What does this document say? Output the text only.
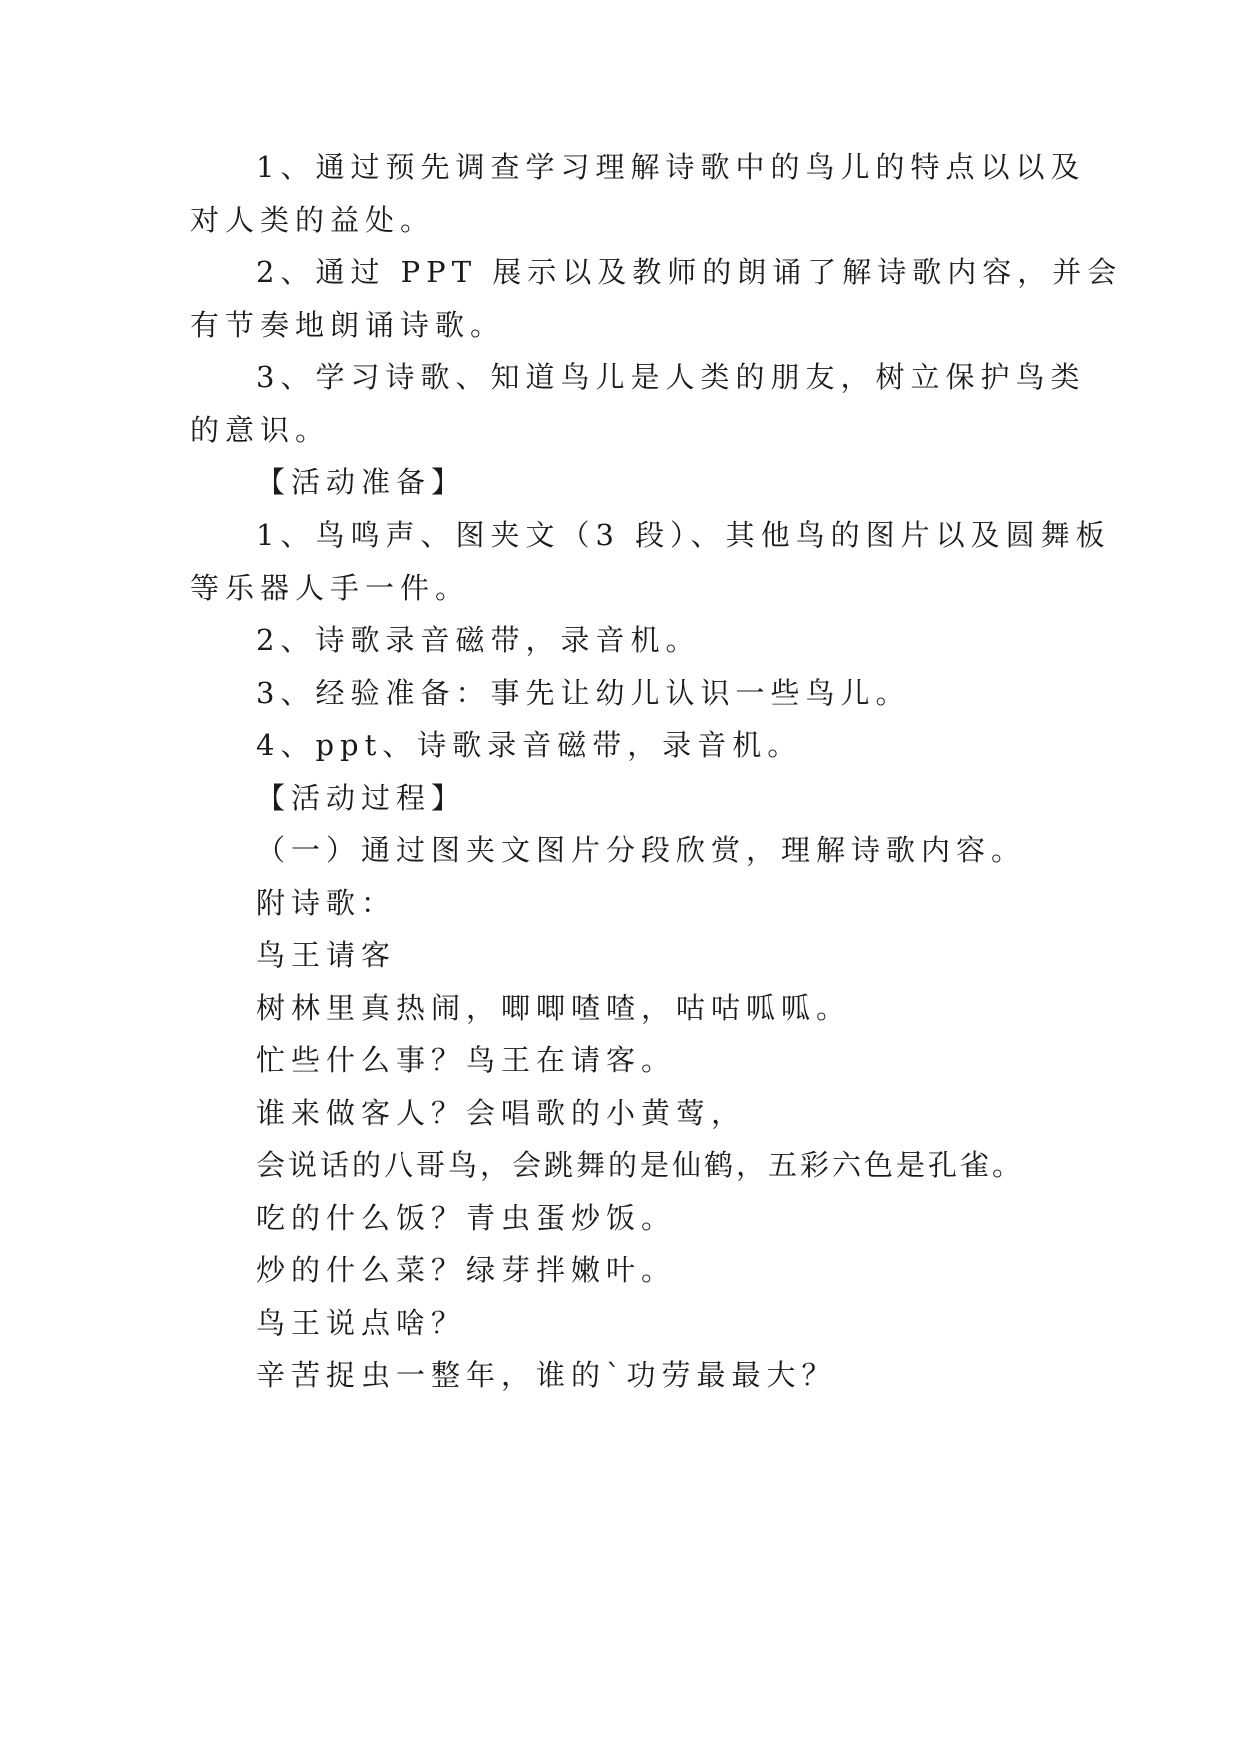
1、通过预先调查学习理解诗歌中的鸟儿的特点以以及
对人类的益处。
2、通过 PPT 展示以及教师的朗诵了解诗歌内容，并会
有节奏地朗诵诗歌。
3、学习诗歌、知道鸟儿是人类的朋友，树立保护鸟类
的意识。
【活动准备】
1、鸟鸣声、图夹文（3 段）、其他鸟的图片以及圆舞板
等乐器人手一件。
2、诗歌录音磁带，录音机。
3、经验准备：事先让幼儿认识一些鸟儿。
4、ppt、诗歌录音磁带，录音机。
【活动过程】
（一）通过图夹文图片分段欣赏，理解诗歌内容。
附诗歌：
鸟王请客
树林里真热闹，唧唧喳喳，咕咕呱呱。
忙些什么事？鸟王在请客。
谁来做客人？会唱歌的小黄莺，
会说话的八哥鸟，会跳舞的是仙鹤，五彩六色是孔雀。
吃的什么饭？青虫蛋炒饭。
炒的什么菜？绿芽拌嫩叶。
鸟王说点啥？
辛苦捉虫一整年，谁的`功劳最最大？
